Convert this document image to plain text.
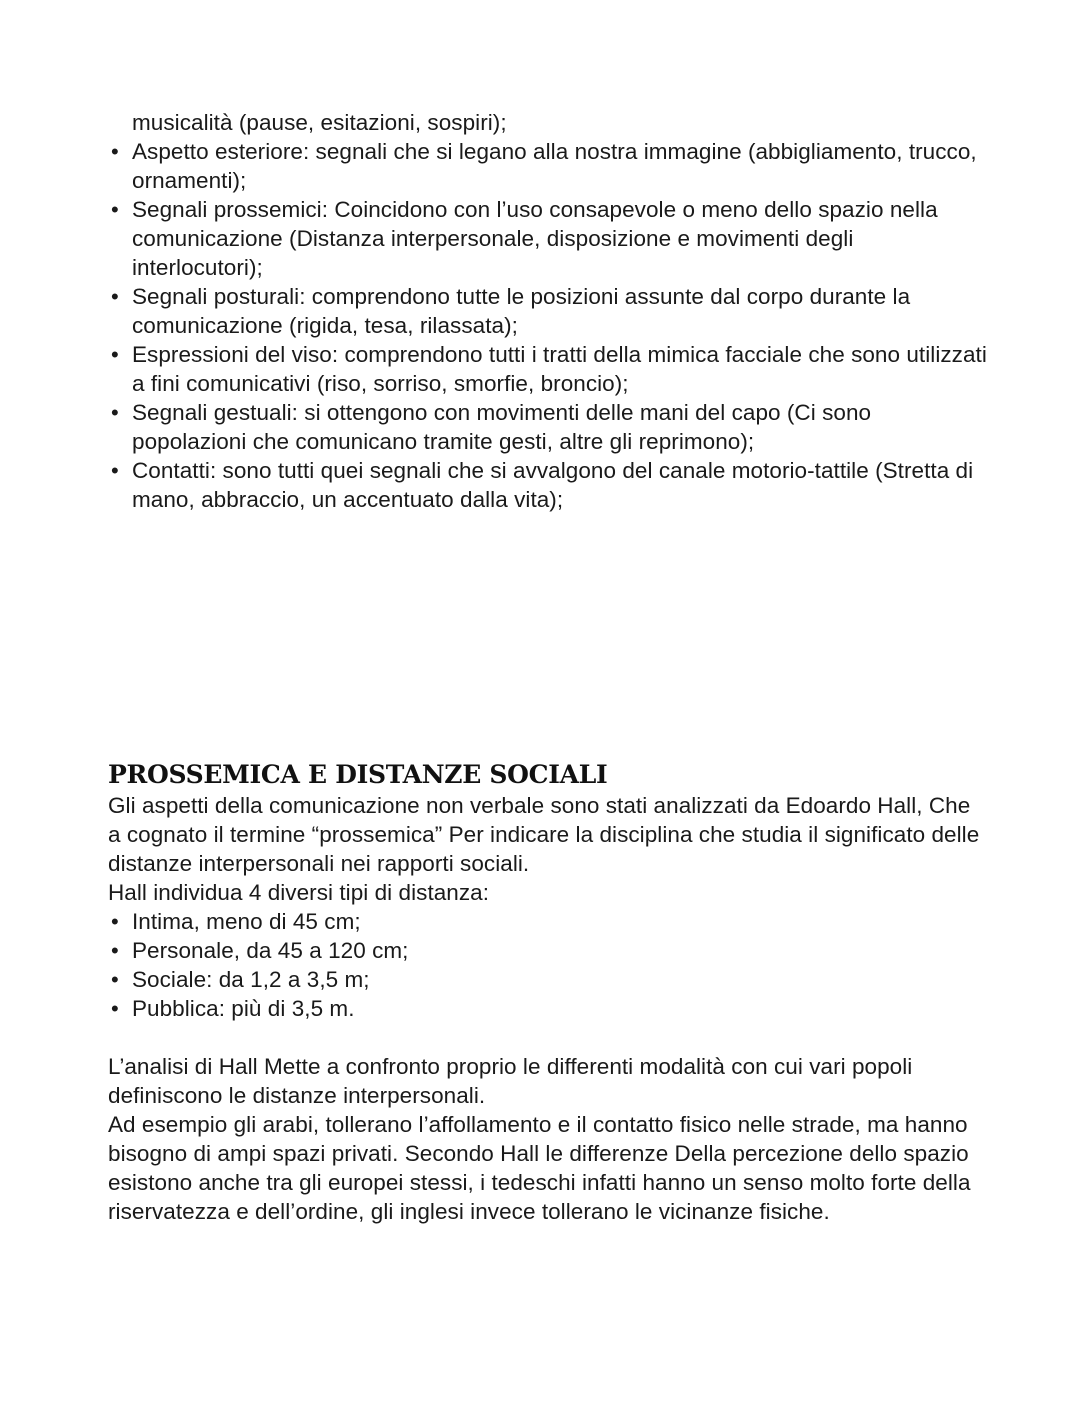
musicalità (pause, esitazioni, sospiri);

• Aspetto esteriore: segnali che si legano alla nostra immagine (abbigliamento, trucco, ornamenti);
• Segnali prossemici: Coincidono con l’uso consapevole o meno dello spazio nella comunicazione (Distanza interpersonale, disposizione e movimenti degli interlocutori);
• Segnali posturali: comprendono tutte le posizioni assunte dal corpo durante la comunicazione (rigida, tesa, rilassata);
• Espressioni del viso: comprendono tutti i tratti della mimica facciale che sono utilizzati a fini comunicativi (riso, sorriso, smorfie, broncio);
• Segnali gestuali: si ottengono con movimenti delle mani del capo (Ci sono popolazioni che comunicano tramite gesti, altre gli reprimono);
• Contatti: sono tutti quei segnali che si avvalgono del canale motorio-tattile (Stretta di mano, abbraccio, un accentuato dalla vita);
PROSSEMICA E DISTANZE SOCIALI

Gli aspetti della comunicazione non verbale sono stati analizzati da Edoardo Hall, Che a cognato il termine “prossemica” Per indicare la disciplina che studia il significato delle distanze interpersonali nei rapporti sociali.

Hall individua 4 diversi tipi di distanza:

• Intima, meno di 45 cm;
• Personale, da 45 a 120 cm;
• Sociale: da 1,2 a 3,5 m;
• Pubblica: più di 3,5 m.

L’analisi di Hall Mette a confronto proprio le differenti modalità con cui vari popoli definiscono le distanze interpersonali.

Ad esempio gli arabi, tollerano l’affollamento e il contatto fisico nelle strade, ma hanno bisogno di ampi spazi privati. Secondo Hall le differenze Della percezione dello spazio esistono anche tra gli europei stessi, i tedeschi infatti hanno un senso molto forte della riservatezza e dell’ordine, gli inglesi invece tollerano le vicinanze fisiche.
